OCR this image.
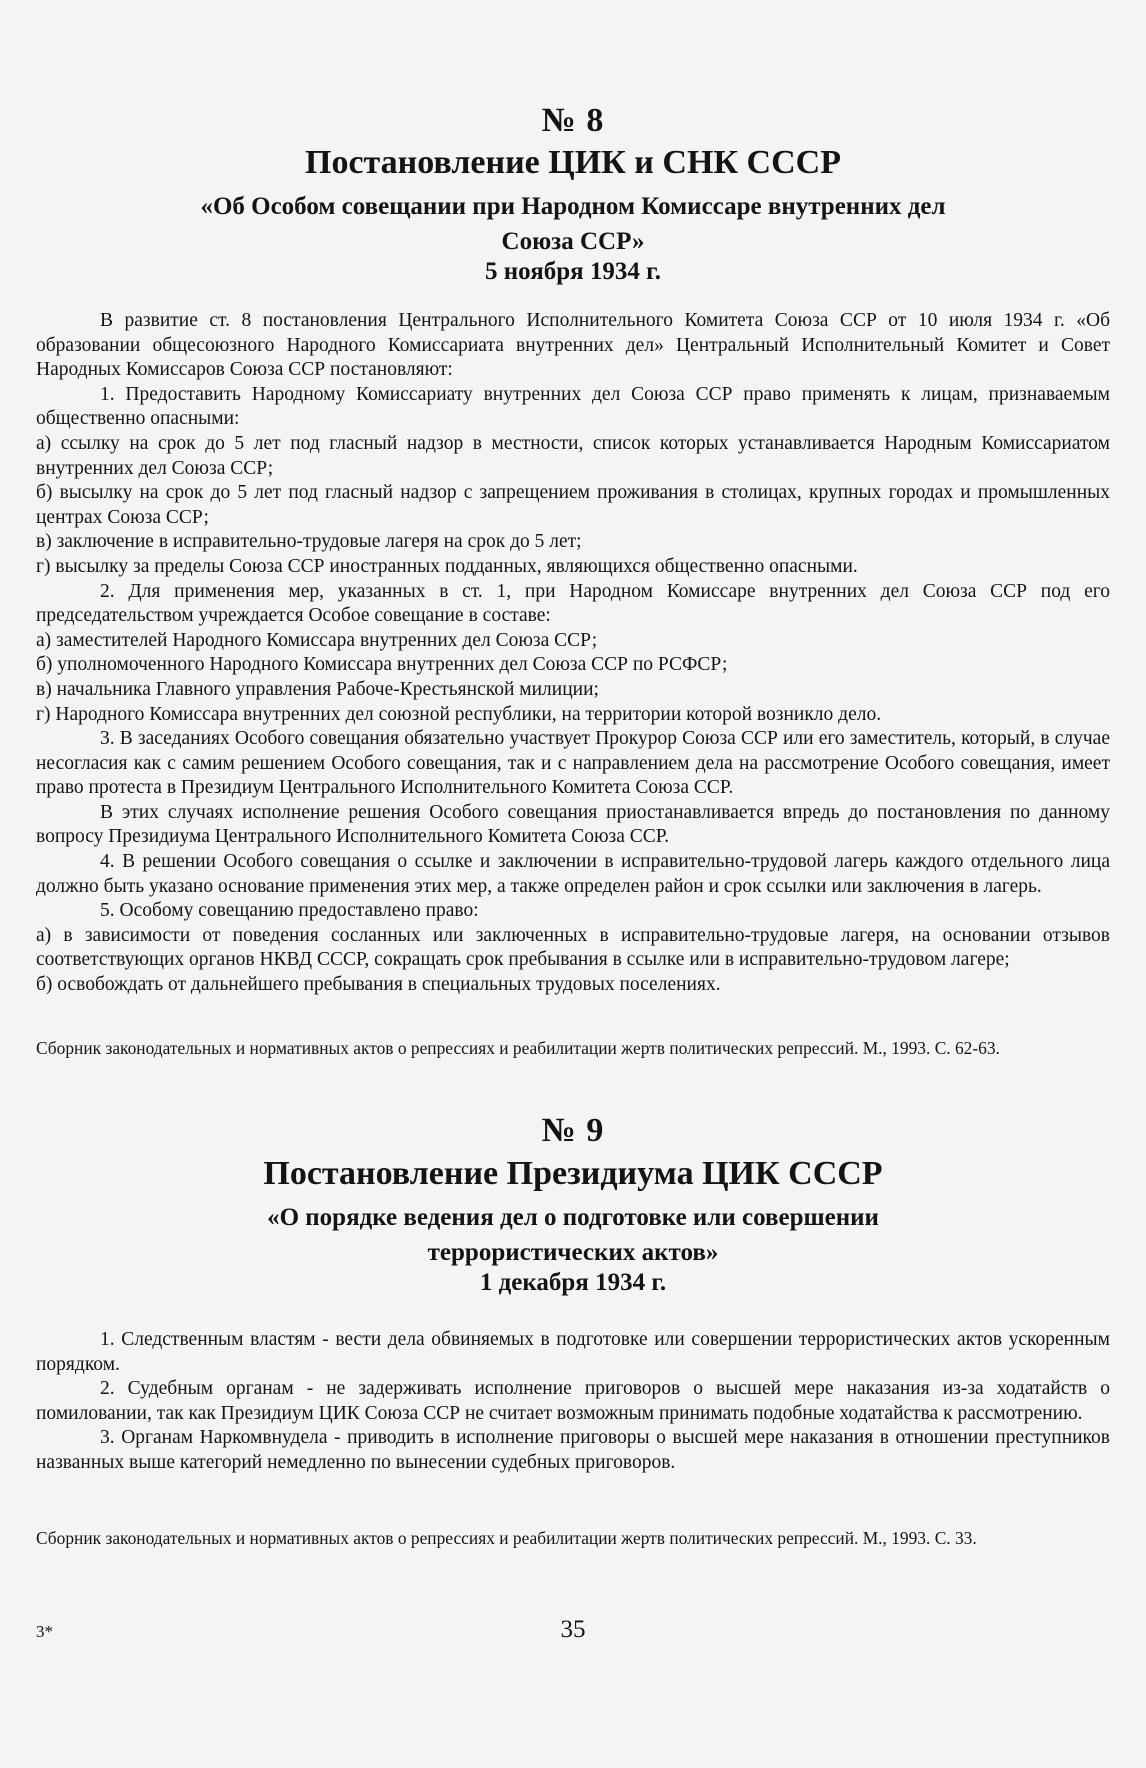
№ 8
Постановление ЦИК и СНК СССР
«Об Особом совещании при Народном Комиссаре внутренних дел Союза ССР»
5 ноября 1934 г.

В развитие ст. 8 постановления Центрального Исполнительного Комитета Союза ССР от 10 июля 1934 г. «Об образовании общесоюзного Народного Комиссариата внутренних дел» Центральный Исполнительный Комитет и Совет Народных Комиссаров Союза ССР постановляют:

1. Предоставить Народному Комиссариату внутренних дел Союза ССР право применять к лицам, признаваемым общественно опасными:

а) ссылку на срок до 5 лет под гласный надзор в местности, список которых устанавливается Народным Комиссариатом внутренних дел Союза ССР;

б) высылку на срок до 5 лет под гласный надзор с запрещением проживания в столицах, крупных городах и промышленных центрах Союза ССР;

в) заключение в исправительно-трудовые лагеря на срок до 5 лет;

г) высылку за пределы Союза ССР иностранных подданных, являющихся общественно опасными.

2. Для применения мер, указанных в ст. 1, при Народном Комиссаре внутренних дел Союза ССР под его председательством учреждается Особое совещание в составе:

а) заместителей Народного Комиссара внутренних дел Союза ССР;

б) уполномоченного Народного Комиссара внутренних дел Союза ССР по РСФСР;

в) начальника Главного управления Рабоче-Крестьянской милиции;

г) Народного Комиссара внутренних дел союзной республики, на территории которой возникло дело.

3. В заседаниях Особого совещания обязательно участвует Прокурор Союза ССР или его заместитель, который, в случае несогласия как с самим решением Особого совещания, так и с направлением дела на рассмотрение Особого совещания, имеет право протеста в Президиум Центрального Исполнительного Комитета Союза ССР.

В этих случаях исполнение решения Особого совещания приостанавливается впредь до постановления по данному вопросу Президиума Центрального Исполнительного Комитета Союза ССР.

4. В решении Особого совещания о ссылке и заключении в исправительно-трудовой лагерь каждого отдельного лица должно быть указано основание применения этих мер, а также определен район и срок ссылки или заключения в лагерь.

5. Особому совещанию предоставлено право:

а) в зависимости от поведения сосланных или заключенных в исправительно-трудовые лагеря, на основании отзывов соответствующих органов НКВД СССР, сокращать срок пребывания в ссылке или в исправительно-трудовом лагере;

б) освобождать от дальнейшего пребывания в специальных трудовых поселениях.

Сборник законодательных и нормативных актов о репрессиях и реабилитации жертв политических репрессий. М., 1993. С. 62-63.
№ 9
Постановление Президиума ЦИК СССР
«О порядке ведения дел о подготовке или совершении террористических актов»
1 декабря 1934 г.

1. Следственным властям - вести дела обвиняемых в подготовке или совершении террористических актов ускоренным порядком.

2. Судебным органам - не задерживать исполнение приговоров о высшей мере наказания из-за ходатайств о помиловании, так как Президиум ЦИК Союза ССР не считает возможным принимать подобные ходатайства к рассмотрению.

3. Органам Наркомвнудела - приводить в исполнение приговоры о высшей мере наказания в отношении преступников названных выше категорий немедленно по вынесении судебных приговоров.

Сборник законодательных и нормативных актов о репрессиях и реабилитации жертв политических репрессий. М., 1993. С. 33.
3*	35
